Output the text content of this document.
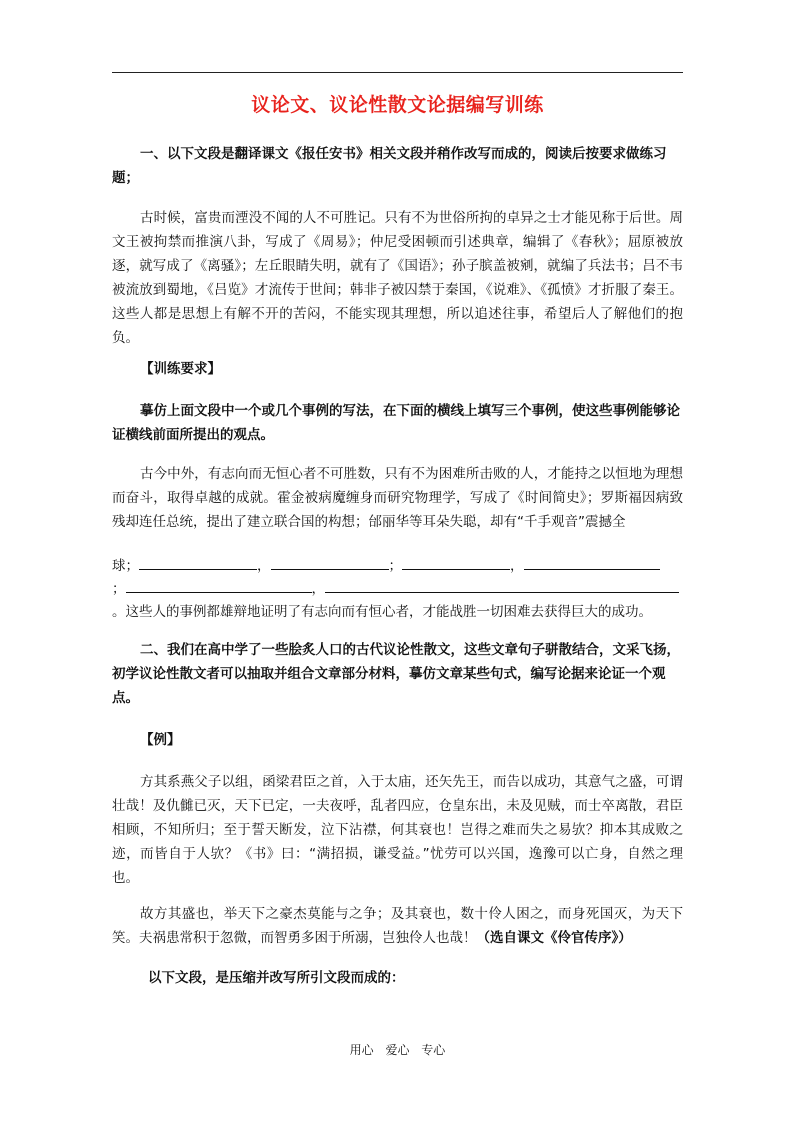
议论文、议论性散文论据编写训练

一、以下文段是翻译课文《报任安书》相关文段并稍作改写而成的，阅读后按要求做练习题；

古时候，富贵而湮没不闻的人不可胜记。只有不为世俗所拘的卓异之士才能见称于后世。周文王被拘禁而推演八卦，写成了《周易》；仲尼受困顿而引述典章，编辑了《春秋》；屈原被放逐，就写成了《离骚》；左丘眼睛失明，就有了《国语》；孙子膑盖被剜，就编了兵法书；吕不韦被流放到蜀地，《吕览》才流传于世间；韩非子被囚禁于秦国，《说难》、《孤愤》才折服了秦王。这些人都是思想上有解不开的苦闷，不能实现其理想，所以追述往事，希望后人了解他们的抱负。

【训练要求】

摹仿上面文段中一个或几个事例的写法，在下面的横线上填写三个事例，使这些事例能够论证横线前面所提出的观点。

古今中外，有志向而无恒心者不可胜数，只有不为困难所击败的人，才能持之以恒地为理想而奋斗，取得卓越的成就。霍金被病魔缠身而研究物理学，写成了《时间简史》；罗斯福因病致残却连任总统，提出了建立联合国的构想；邰丽华等耳朵失聪，却有“千手观音”震撼全

球；	，	；	，
；	，

。这些人的事例都雄辩地证明了有志向而有恒心者，才能战胜一切困难去获得巨大的成功。

二、我们在高中学了一些脍炙人口的古代议论性散文，这些文章句子骈散结合，文采飞扬，初学议论性散文者可以抽取并组合文章部分材料，摹仿文章某些句式，编写论据来论证一个观点。

【例】

方其系燕父子以组，函梁君臣之首，入于太庙，还矢先王，而告以成功，其意气之盛，可谓壮哉！及仇雠已灭，天下已定，一夫夜呼，乱者四应，仓皇东出，未及见贼，而士卒离散，君臣相顾，不知所归；至于誓天断发，泣下沾襟，何其衰也！岂得之难而失之易欤？抑本其成败之迹，而皆自于人欤？《书》曰：“满招损，谦受益。”忧劳可以兴国，逸豫可以亡身，自然之理也。

故方其盛也，举天下之豪杰莫能与之争；及其衰也，数十伶人困之，而身死国灭，为天下笑。夫祸患常积于忽微，而智勇多困于所溺，岂独伶人也哉！（选自课文《伶官传序》）

以下文段，是压缩并改写所引文段而成的：

用心 爱心 专心
